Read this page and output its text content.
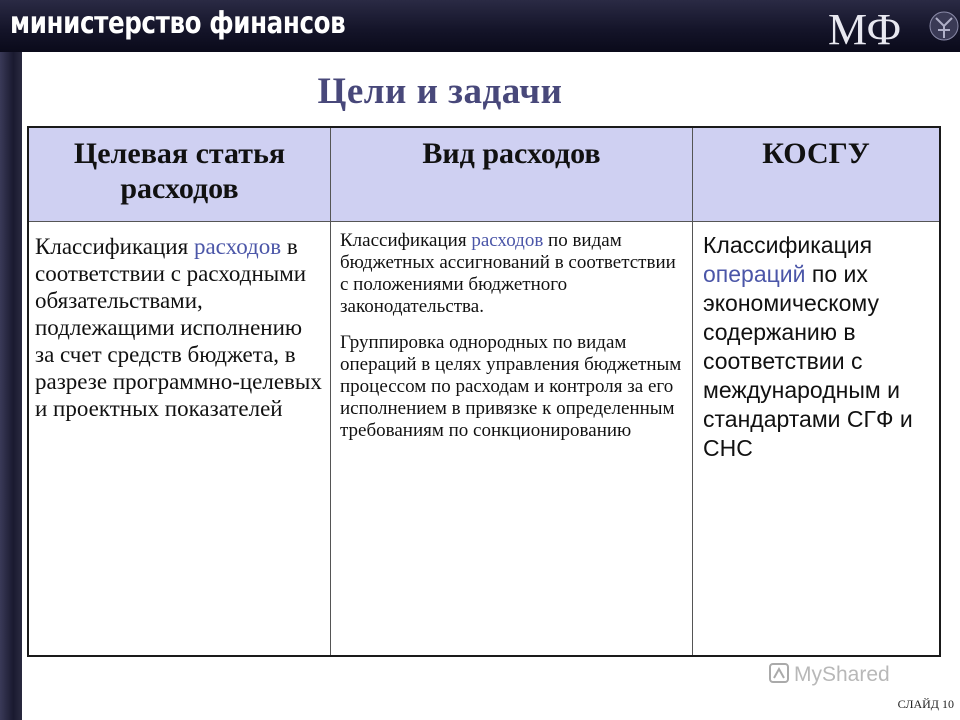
министерство финансов	МФ
Цели и задачи
Целевая статья расходов
Вид расходов	КОСГУ
Классификация расходов в соответствии с расходными обязательствами, подлежащими исполнению за счет средств бюджета, в разрезе программно-целевых и проектных показателей

Классификация расходов по видам бюджетных ассигнований в соответствии с положениями бюджетного законодательства.

Группировка однородных по видам операций в целях управления бюджетным процессом по расходам и контроля за его исполнением в привязке к определенным требованиям по сонкционированию

Классификация операций по их экономическому содержанию в соответствии с международным и стандартами СГФ и СНС
MyShared
СЛАЙД 10
